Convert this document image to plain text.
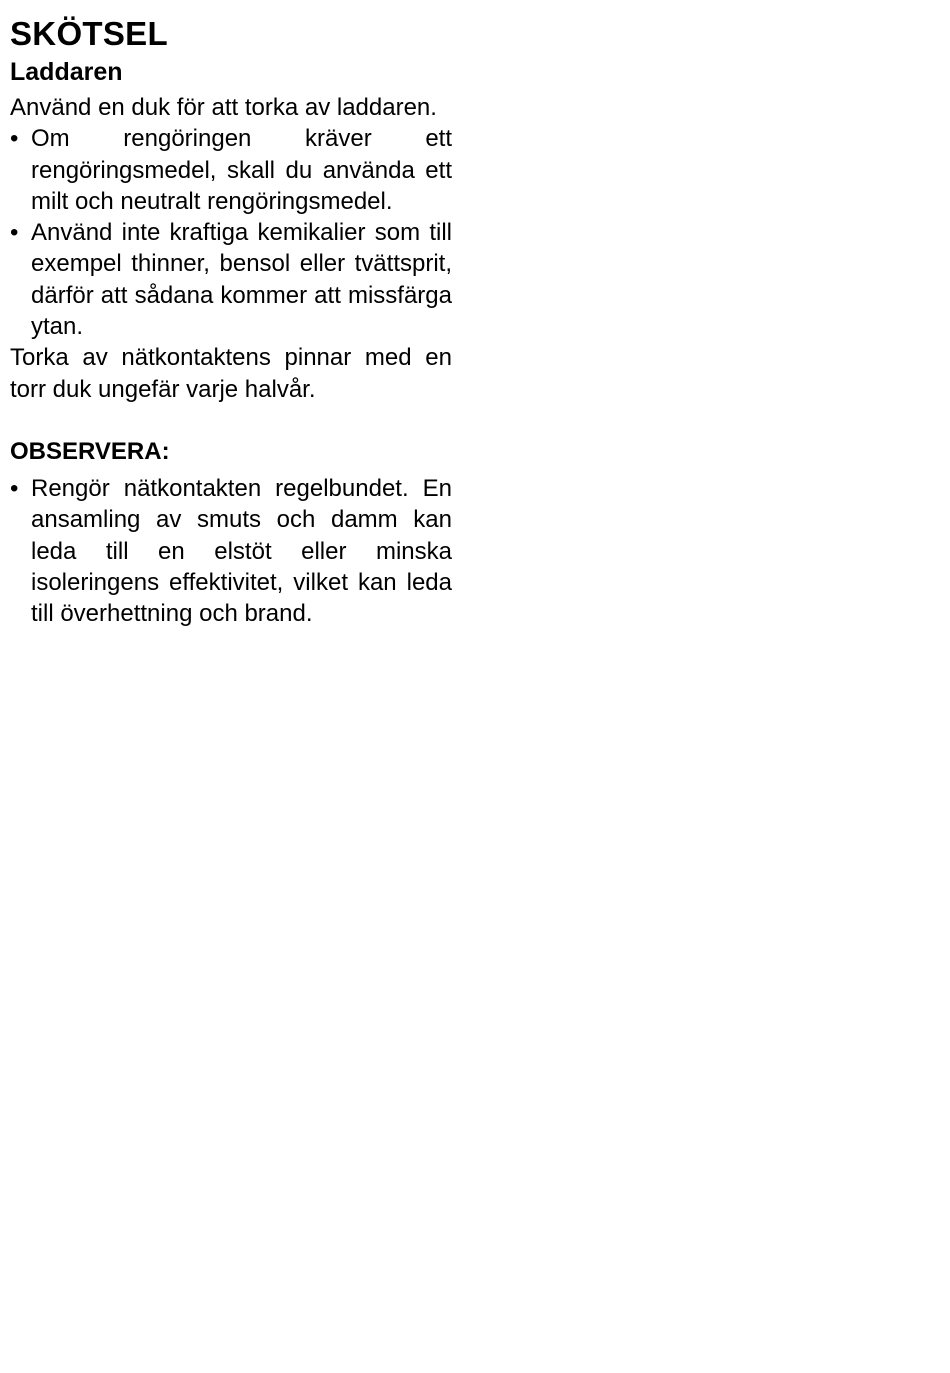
SKÖTSEL
Laddaren

Använd en duk för att torka av laddaren.

• Om rengöringen kräver ett rengöringsmedel, skall du använda ett milt och neutralt rengöringsmedel.
• Använd inte kraftiga kemikalier som till exempel thinner, bensol eller tvättsprit, därför att sådana kommer att missfärga ytan.

Torka av nätkontaktens pinnar med en torr duk ungefär varje halvår.

OBSERVERA:
• Rengör nätkontakten regelbundet. En ansamling av smuts och damm kan leda till en elstöt eller minska isoleringens effektivitet, vilket kan leda till överhettning och brand.
